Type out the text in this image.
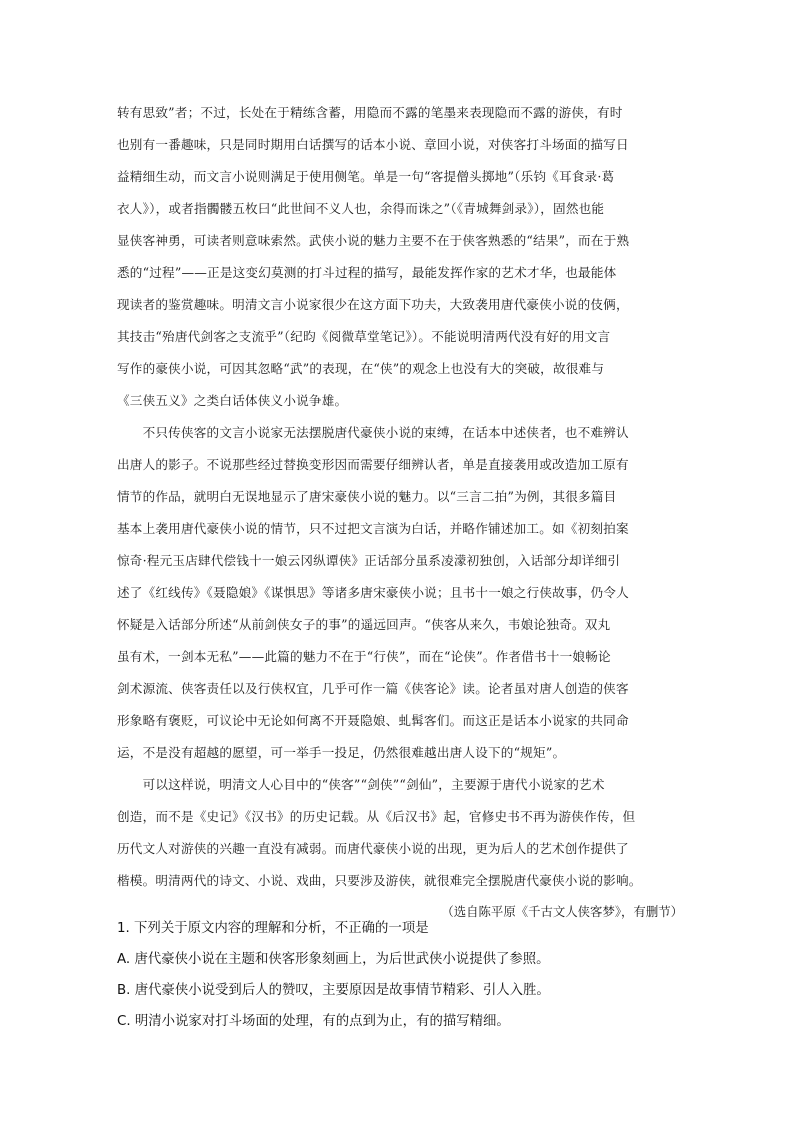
转有思致”者；不过，长处在于精练含蓄，用隐而不露的笔墨来表现隐而不露的游侠，有时
也别有一番趣味，只是同时期用白话撰写的话本小说、章回小说，对侠客打斗场面的描写日
益精细生动，而文言小说则满足于使用侧笔。单是一句“客提僧头掷地”（乐钧《耳食录·葛
衣人》），或者指髑髅五枚曰“此世间不义人也，余得而诛之”（《青城舞剑录》），固然也能
显侠客神勇，可读者则意味索然。武侠小说的魅力主要不在于侠客熟悉的“结果”，而在于熟
悉的“过程”——正是这变幻莫测的打斗过程的描写，最能发挥作家的艺术才华，也最能体
现读者的鉴赏趣味。明清文言小说家很少在这方面下功夫，大致袭用唐代豪侠小说的伎俩，
其技击“殆唐代剑客之支流乎”（纪昀《阅微草堂笔记》）。不能说明清两代没有好的用文言
写作的豪侠小说，可因其忽略“武”的表现，在“侠”的观念上也没有大的突破，故很难与
《三侠五义》之类白话体侠义小说争雄。
　　不只传侠客的文言小说家无法摆脱唐代豪侠小说的束缚，在话本中述侠者，也不难辨认
出唐人的影子。不说那些经过替换变形因而需要仔细辨认者，单是直接袭用或改造加工原有
情节的作品，就明白无误地显示了唐宋豪侠小说的魅力。以“三言二拍”为例，其很多篇目
基本上袭用唐代豪侠小说的情节，只不过把文言演为白话，并略作铺述加工。如《初刻拍案
惊奇·程元玉店肆代偿钱十一娘云冈纵谭侠》正话部分虽系凌濛初独创，入话部分却详细引
述了《红线传》《聂隐娘》《谋惧思》等诸多唐宋豪侠小说；且书十一娘之行侠故事，仍令人
怀疑是入话部分所述“从前剑侠女子的事”的遥远回声。“侠客从来久，韦娘论独奇。双丸
虽有术，一剑本无私”——此篇的魅力不在于“行侠”，而在“论侠”。作者借书十一娘畅论
剑术源流、侠客责任以及行侠权宜，几乎可作一篇《侠客论》读。论者虽对唐人创造的侠客
形象略有褒贬，可议论中无论如何离不开聂隐娘、虬髯客们。而这正是话本小说家的共同命
运，不是没有超越的愿望，可一举手一投足，仍然很难越出唐人设下的“规矩”。
　　可以这样说，明清文人心目中的“侠客”“剑侠”“剑仙”，主要源于唐代小说家的艺术
创造，而不是《史记》《汉书》的历史记载。从《后汉书》起，官修史书不再为游侠作传，但
历代文人对游侠的兴趣一直没有减弱。而唐代豪侠小说的出现，更为后人的艺术创作提供了
楷模。明清两代的诗文、小说、戏曲，只要涉及游侠，就很难完全摆脱唐代豪侠小说的影响。
（选自陈平原《千古文人侠客梦》，有删节）
1. 下列关于原文内容的理解和分析，不正确的一项是
A. 唐代豪侠小说在主题和侠客形象刻画上，为后世武侠小说提供了参照。
B. 唐代豪侠小说受到后人的赞叹，主要原因是故事情节精彩、引人入胜。
C. 明清小说家对打斗场面的处理，有的点到为止，有的描写精细。
